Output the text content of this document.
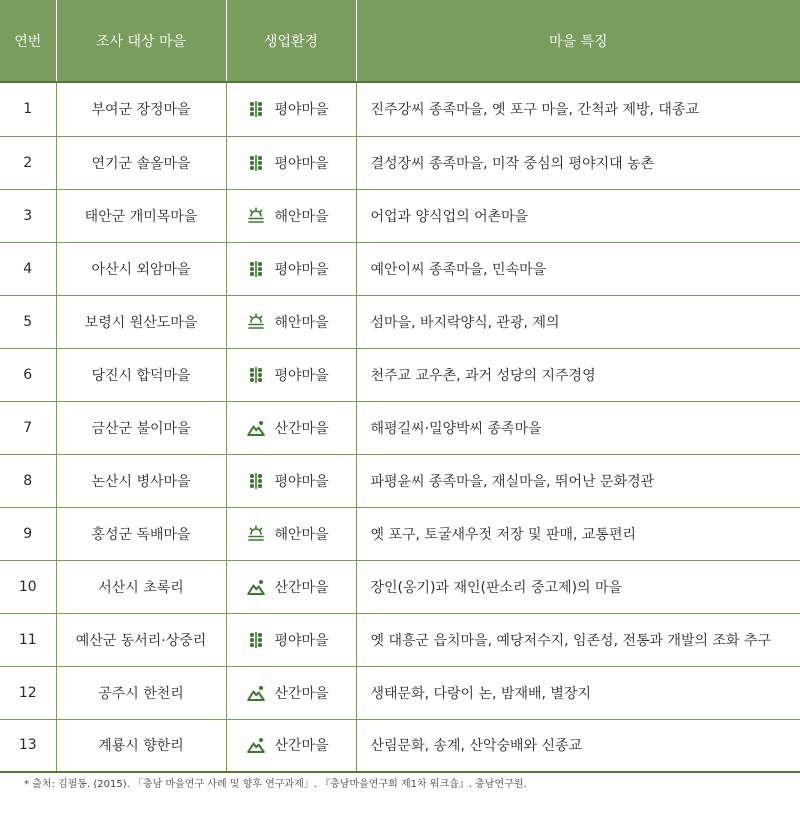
연번	조사 대상 마을	생업환경	마을 특징
1	부여군 장정마을	평야마을	진주강씨 종족마을, 옛 포구 마을, 간척과 제방, 대종교
2	연기군 솔올마을	평야마을	결성장씨 종족마을, 미작 중심의 평야지대 농촌
3	태안군 개미목마을	해안마을	어업과 양식업의 어촌마을
4	아산시 외암마을	평야마을	예안이씨 종족마을, 민속마을
5	보령시 원산도마을	해안마을	섬마을, 바지락양식, 관광, 제의
6	당진시 합덕마을	평야마을	천주교 교우촌, 과거 성당의 지주경영
7	금산군 불이마을	산간마을	해평길씨·밀양박씨 종족마을
8	논산시 병사마을	평야마을	파평윤씨 종족마을, 재실마을, 뛰어난 문화경관
9	홍성군 독배마을	해안마을	옛 포구, 토굴새우젓 저장 및 판매, 교통편리
10	서산시 초록리	산간마을	장인(옹기)과 재인(판소리 중고제)의 마을
11	예산군 동서리·상중리	평야마을	옛 대흥군 읍치마을, 예당저수지, 임존성, 전통과 개발의 조화 추구
12	공주시 한천리	산간마을	생태문화, 다랑이 논, 밤재배, 별장지
13	계룡시 향한리	산간마을	산림문화, 송계, 산악숭배와 신종교
* 출처: 김필동. (2015). 「충남 마을연구 사례 및 향후 연구과제」. 『충남마을연구회 제1차 워크숍』. 충남연구원.
